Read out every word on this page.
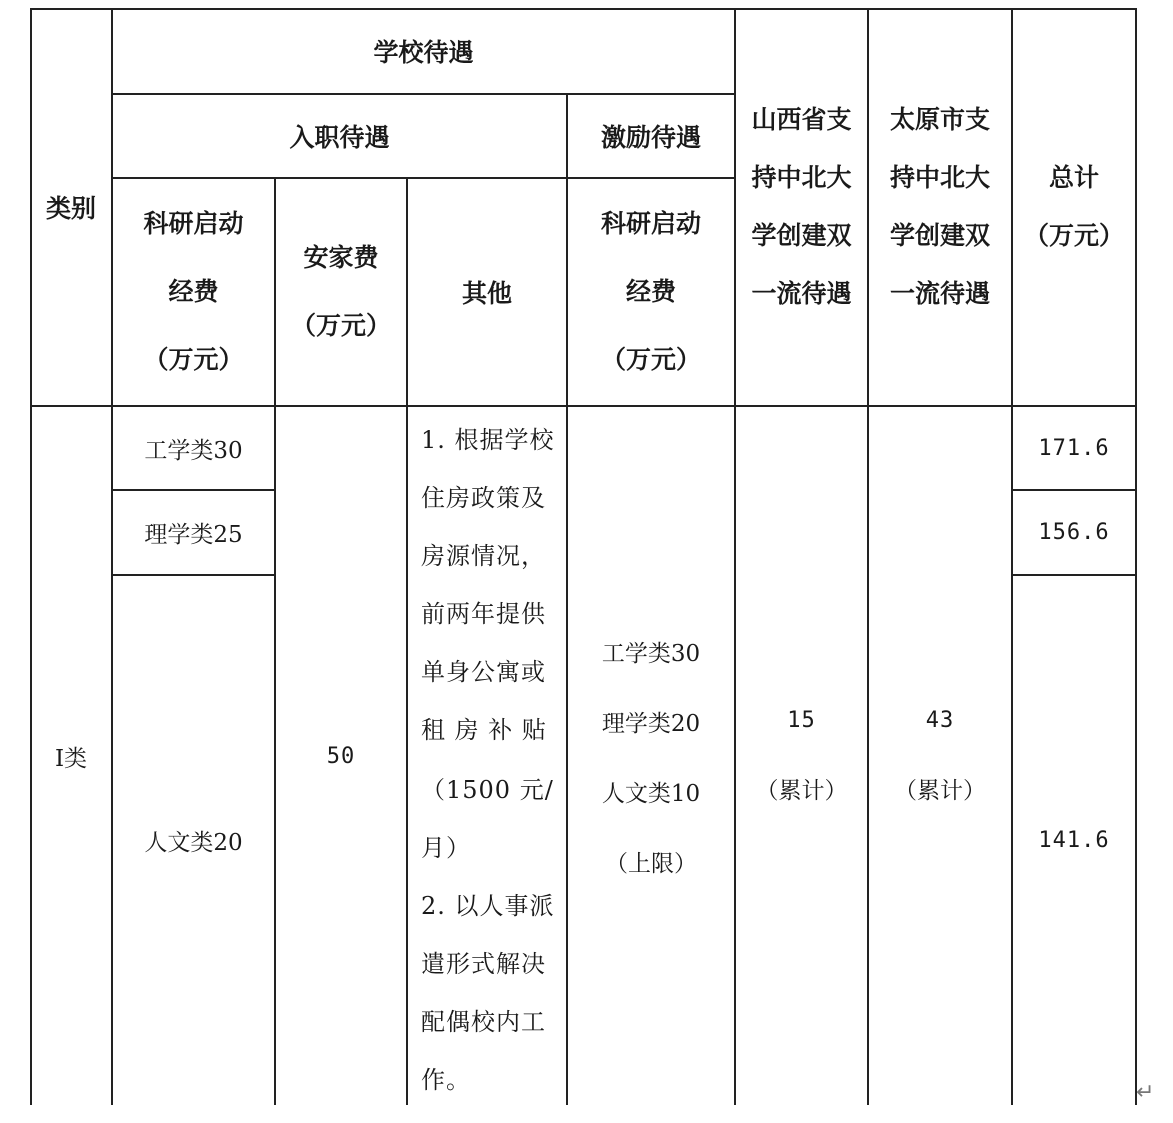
类别
学校待遇
入职待遇	激励待遇
科研启动
经费
（万元）
安家费
（万元）
其他
科研启动
经费
（万元）
山西省支
持中北大
学创建双
一流待遇
太原市支
持中北大
学创建双
一流待遇
总计
（万元）
I类
工学类30
理学类25
人文类20
50
1. 根据学校
住房政策及
房源情况，
前两年提供
单身公寓或
租 房 补 贴
（1500 元/
月）
2. 以人事派
遣形式解决
配偶校内工
作。
工学类30
理学类20
人文类10
（上限）
15
（累计）
43
（累计）
171.6
156.6
141.6
↵
